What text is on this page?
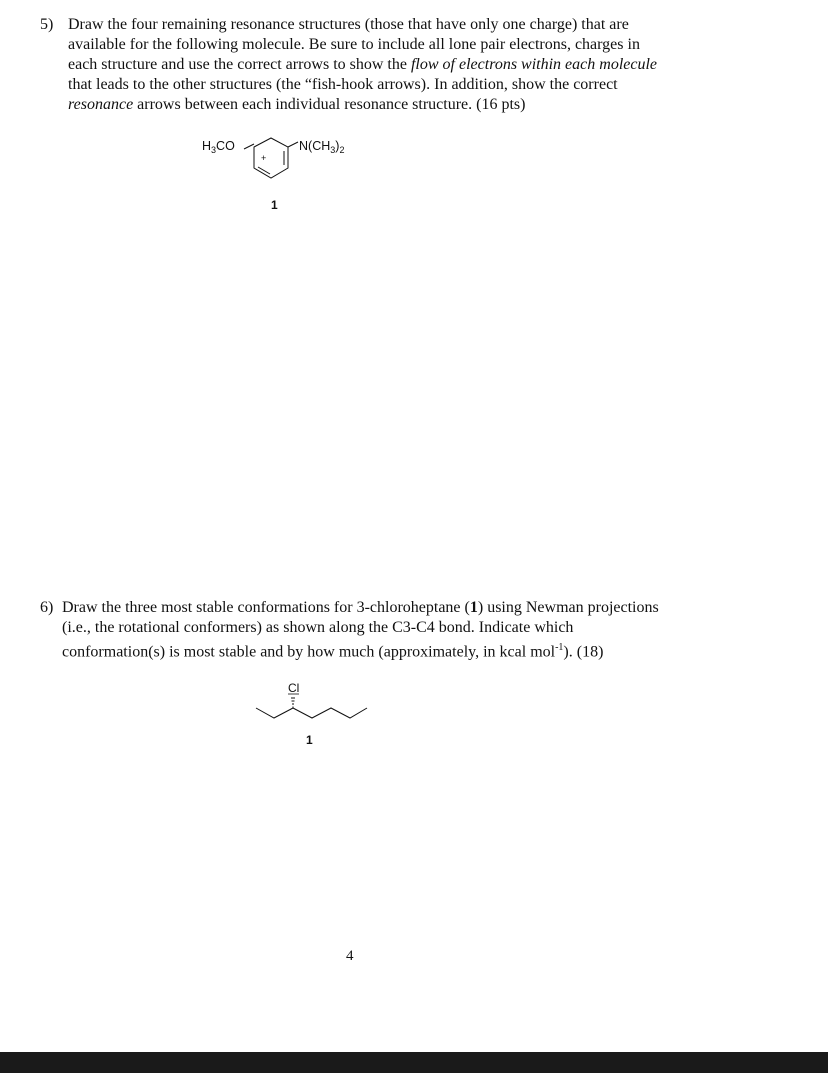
5) Draw the four remaining resonance structures (those that have only one charge) that are
available for the following molecule. Be sure to include all lone pair electrons, charges in
each structure and use the correct arrows to show the flow of electrons within each molecule
that leads to the other structures (the “fish-hook arrows). In addition, show the correct
resonance arrows between each individual resonance structure. (16 pts)
$H_3CO$	$N(CH_3)_2$
+
1
6) Draw the three most stable conformations for 3-chloroheptane (1) using Newman projections
(i.e., the rotational conformers) as shown along the C3-C4 bond. Indicate which
conformation(s) is most stable and by how much (approximately, in kcal mol$^{-1}$). (18)
Cl
1
4
